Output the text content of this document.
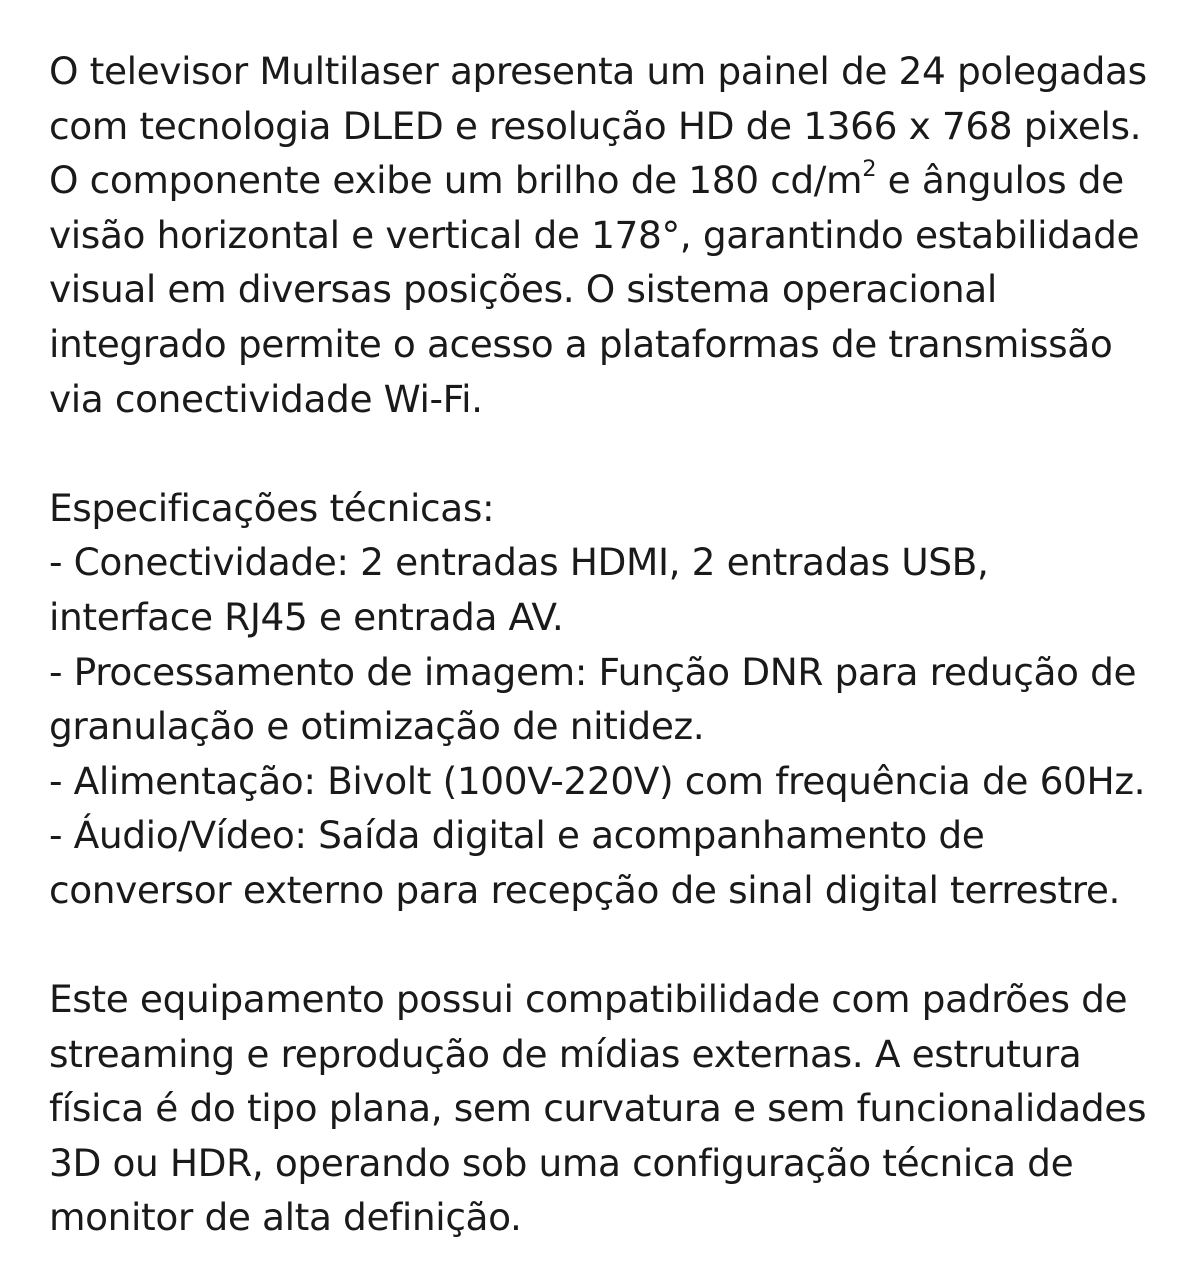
O televisor Multilaser apresenta um painel de 24 polegadas com tecnologia DLED e resolução HD de 1366 x 768 pixels. O componente exibe um brilho de 180 $cd/m^2$ e ângulos de visão horizontal e vertical de 178°, garantindo estabilidade visual em diversas posições. O sistema operacional integrado permite o acesso a plataformas de transmissão via conectividade Wi-Fi.

Especificações técnicas:

- Conectividade: 2 entradas HDMI, 2 entradas USB, interface RJ45 e entrada AV.

- Processamento de imagem: Função DNR para redução de granulação e otimização de nitidez.

- Alimentação: Bivolt (100V-220V) com frequência de 60Hz.

- Áudio/Vídeo: Saída digital e acompanhamento de conversor externo para recepção de sinal digital terrestre.

Este equipamento possui compatibilidade com padrões de streaming e reprodução de mídias externas. A estrutura física é do tipo plana, sem curvatura e sem funcionalidades 3D ou HDR, operando sob uma configuração técnica de monitor de alta definição.
